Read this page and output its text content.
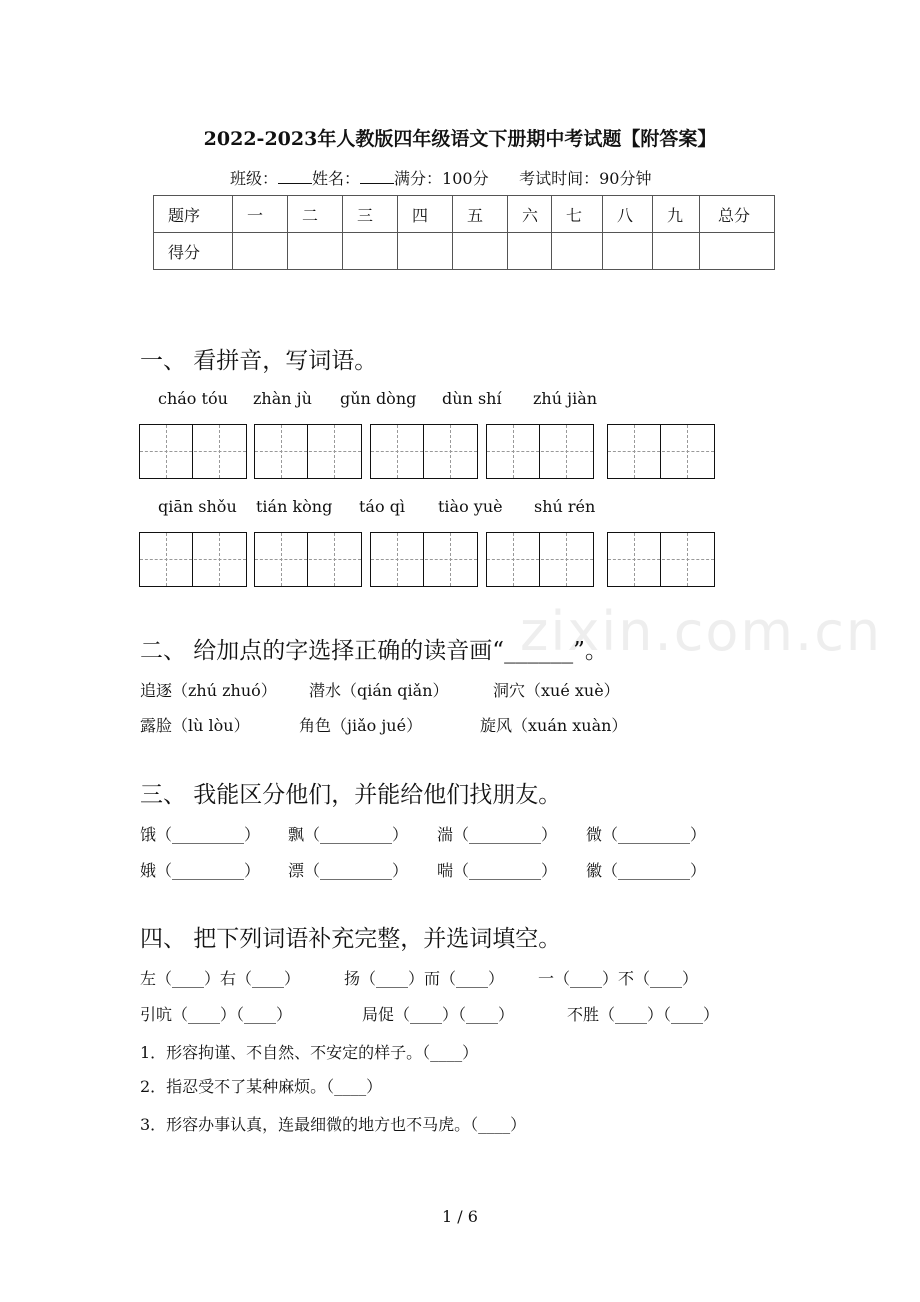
2022-2023年人教版四年级语文下册期中考试题【附答案】
班级： 姓名： 满分：100分 考试时间：90分钟
题序	一	二	三	四	五	六	七	八	九	总分
得分										
一、 看拼音，写词语。
cháo tóu zhàn jù gǔn dòng dùn shí zhú jiàn
qiān shǒu tián kòng táo qì tiào yuè shú rén
zixin.com.cn
二、 给加点的字选择正确的读音画“______”。
追逐（zhú zhuó） 潜水（qián qiǎn）	洞穴（xué xuè）
露脸（lù lòu）	角色（jiǎo jué）	旋风（xuán xuàn）
三、 我能区分他们，并能给他们找朋友。
饿（_________） 飘（_________） 湍（_________） 微（_________）
娥（_________） 漂（_________） 喘（_________） 徽（_________）
四、 把下列词语补充完整，并选词填空。
左（____）右（____）	扬（____）而（____） 一（____）不（____）
引吭（____）（____）	局促（____）（____）	不胜（____）（____）
1．形容拘谨、不自然、不安定的样子。（____）
2．指忍受不了某种麻烦。（____）
3．形容办事认真，连最细微的地方也不马虎。（____）
1 / 6
